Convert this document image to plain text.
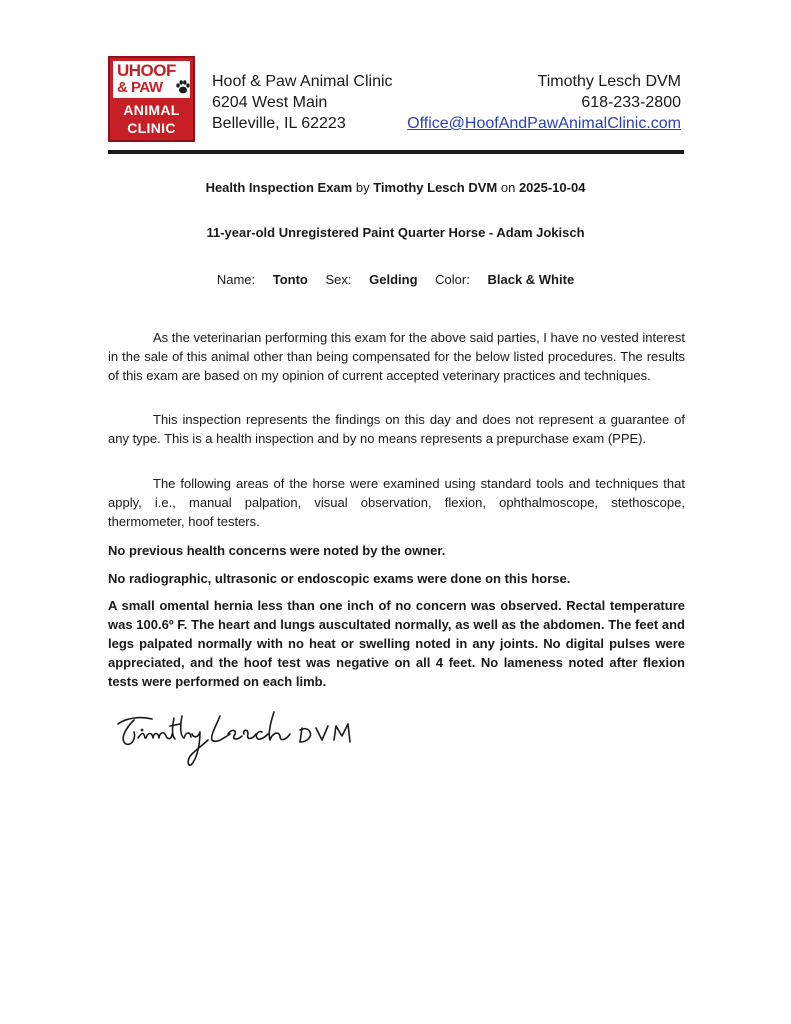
UHOOF
& PAW
ANIMAL
CLINIC
Hoof & Paw Animal Clinic
6204 West Main
Belleville, IL 62223
Timothy Lesch DVM
618-233-2800
Office@HoofAndPawAnimalClinic.com
Health Inspection Exam by Timothy Lesch DVM on 2025-10-04
11-year-old Unregistered Paint Quarter Horse - Adam Jokisch
Name: Tonto Sex: Gelding Color: Black & White
As the veterinarian performing this exam for the above said parties, I have no vested interest in the sale of this animal other than being compensated for the below listed procedures. The results of this exam are based on my opinion of current accepted veterinary practices and techniques.
This inspection represents the findings on this day and does not represent a guarantee of any type. This is a health inspection and by no means represents a prepurchase exam (PPE).
The following areas of the horse were examined using standard tools and techniques that apply, i.e., manual palpation, visual observation, flexion, ophthalmoscope, stethoscope, thermometer, hoof testers.
No previous health concerns were noted by the owner.
No radiographic, ultrasonic or endoscopic exams were done on this horse.
A small omental hernia less than one inch of no concern was observed. Rectal temperature was 100.6º F. The heart and lungs auscultated normally, as well as the abdomen. The feet and legs palpated normally with no heat or swelling noted in any joints. No digital pulses were appreciated, and the hoof test was negative on all 4 feet. No lameness noted after flexion tests were performed on each limb.
